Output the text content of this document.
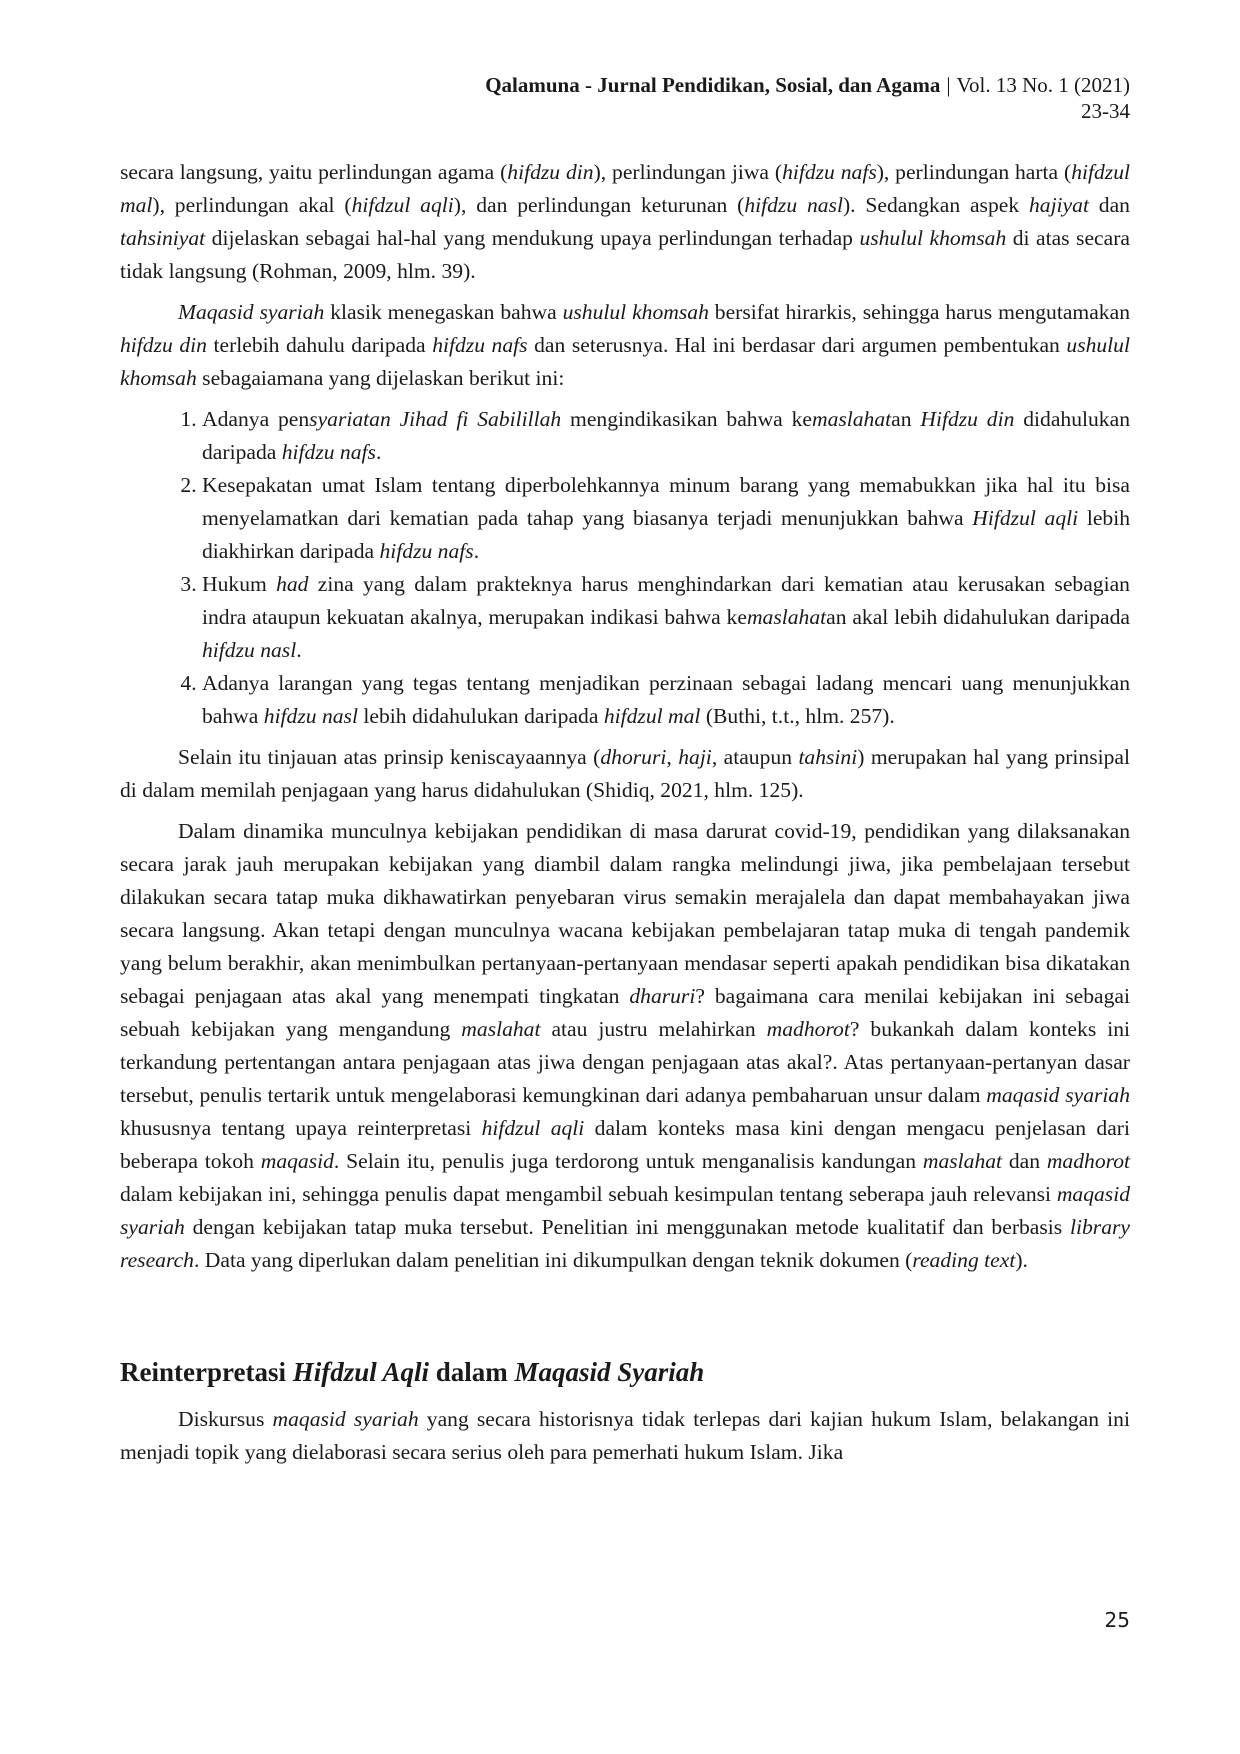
Qalamuna - Jurnal Pendidikan, Sosial, dan Agama | Vol. 13 No. 1 (2021)
23-34

secara langsung, yaitu perlindungan agama (hifdzu din), perlindungan jiwa (hifdzu nafs), perlindungan harta (hifdzul mal), perlindungan akal (hifdzul aqli), dan perlindungan keturunan (hifdzu nasl). Sedangkan aspek hajiyat dan tahsiniyat dijelaskan sebagai hal-hal yang mendukung upaya perlindungan terhadap ushulul khomsah di atas secara tidak langsung (Rohman, 2009, hlm. 39).

Maqasid syariah klasik menegaskan bahwa ushulul khomsah bersifat hirarkis, sehingga harus mengutamakan hifdzu din terlebih dahulu daripada hifdzu nafs dan seterusnya. Hal ini berdasar dari argumen pembentukan ushulul khomsah sebagaiamana yang dijelaskan berikut ini:

1. Adanya pensyariatan Jihad fi Sabilillah mengindikasikan bahwa kemaslahatan Hifdzu din didahulukan daripada hifdzu nafs.
2. Kesepakatan umat Islam tentang diperbolehkannya minum barang yang memabukkan jika hal itu bisa menyelamatkan dari kematian pada tahap yang biasanya terjadi menunjukkan bahwa Hifdzul aqli lebih diakhirkan daripada hifdzu nafs.
3. Hukum had zina yang dalam prakteknya harus menghindarkan dari kematian atau kerusakan sebagian indra ataupun kekuatan akalnya, merupakan indikasi bahwa kemaslahatan akal lebih didahulukan daripada hifdzu nasl.
4. Adanya larangan yang tegas tentang menjadikan perzinaan sebagai ladang mencari uang menunjukkan bahwa hifdzu nasl lebih didahulukan daripada hifdzul mal (Buthi, t.t., hlm. 257).

Selain itu tinjauan atas prinsip keniscayaannya (dhoruri, haji, ataupun tahsini) merupakan hal yang prinsipal di dalam memilah penjagaan yang harus didahulukan (Shidiq, 2021, hlm. 125).

Dalam dinamika munculnya kebijakan pendidikan di masa darurat covid-19, pendidikan yang dilaksanakan secara jarak jauh merupakan kebijakan yang diambil dalam rangka melindungi jiwa, jika pembelajaan tersebut dilakukan secara tatap muka dikhawatirkan penyebaran virus semakin merajalela dan dapat membahayakan jiwa secara langsung. Akan tetapi dengan munculnya wacana kebijakan pembelajaran tatap muka di tengah pandemik yang belum berakhir, akan menimbulkan pertanyaan-pertanyaan mendasar seperti apakah pendidikan bisa dikatakan sebagai penjagaan atas akal yang menempati tingkatan dharuri? bagaimana cara menilai kebijakan ini sebagai sebuah kebijakan yang mengandung maslahat atau justru melahirkan madhorot? bukankah dalam konteks ini terkandung pertentangan antara penjagaan atas jiwa dengan penjagaan atas akal?. Atas pertanyaan-pertanyan dasar tersebut, penulis tertarik untuk mengelaborasi kemungkinan dari adanya pembaharuan unsur dalam maqasid syariah khususnya tentang upaya reinterpretasi hifdzul aqli dalam konteks masa kini dengan mengacu penjelasan dari beberapa tokoh maqasid. Selain itu, penulis juga terdorong untuk menganalisis kandungan maslahat dan madhorot dalam kebijakan ini, sehingga penulis dapat mengambil sebuah kesimpulan tentang seberapa jauh relevansi maqasid syariah dengan kebijakan tatap muka tersebut. Penelitian ini menggunakan metode kualitatif dan berbasis library research. Data yang diperlukan dalam penelitian ini dikumpulkan dengan teknik dokumen (reading text).

Reinterpretasi Hifdzul Aqli dalam Maqasid Syariah

Diskursus maqasid syariah yang secara historisnya tidak terlepas dari kajian hukum Islam, belakangan ini menjadi topik yang dielaborasi secara serius oleh para pemerhati hukum Islam. Jika

25
